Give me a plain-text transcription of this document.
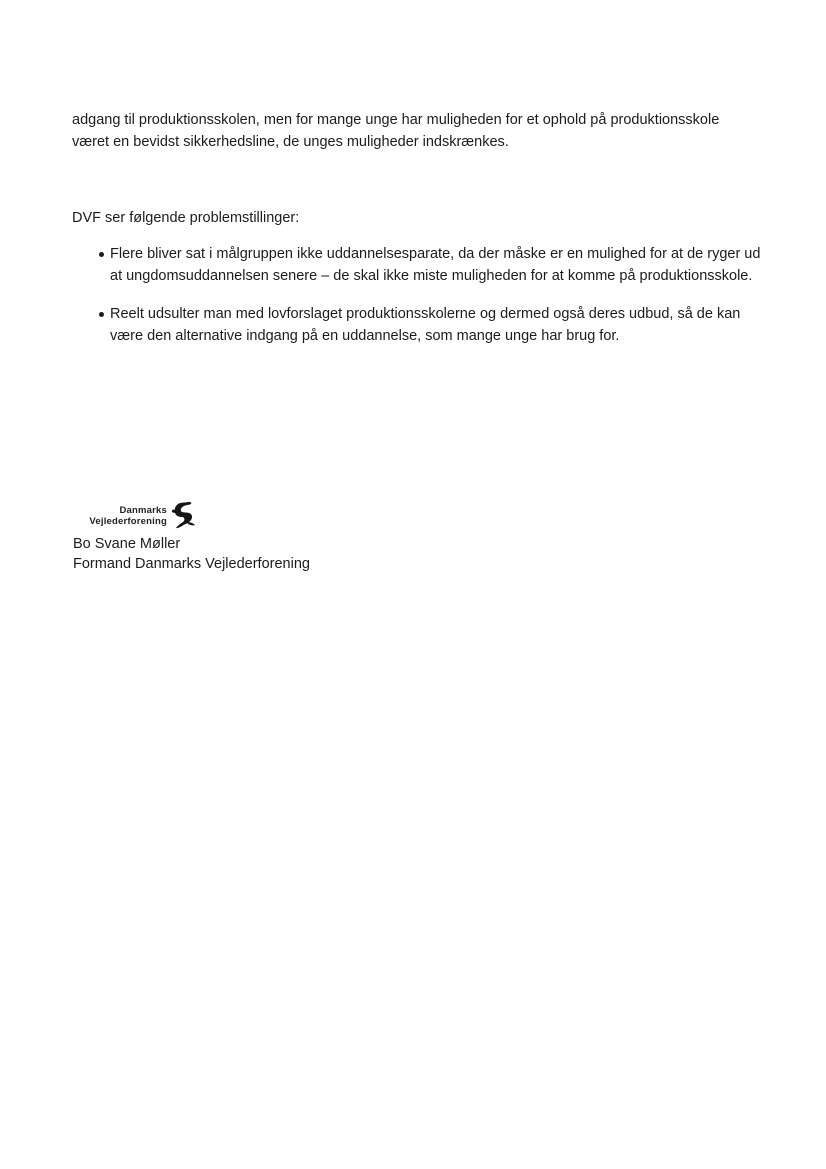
adgang til produktionsskolen, men for mange unge har muligheden for et ophold på produktionsskole været en bevidst sikkerhedsline, de unges muligheder indskrænkes.

DVF ser følgende problemstillinger:

Flere bliver sat i målgruppen ikke uddannelsesparate, da der måske er en mulighed for at de ryger ud at ungdomsuddannelsen senere – de skal ikke miste muligheden for at komme på produktionsskole.
Reelt udsulter man med lovforslaget produktionsskolerne og dermed også deres udbud, så de kan være den alternative indgang på en uddannelse, som mange unge har brug for.
Danmarks
Vejlederforening

Bo Svane Møller

Formand Danmarks Vejlederforening
